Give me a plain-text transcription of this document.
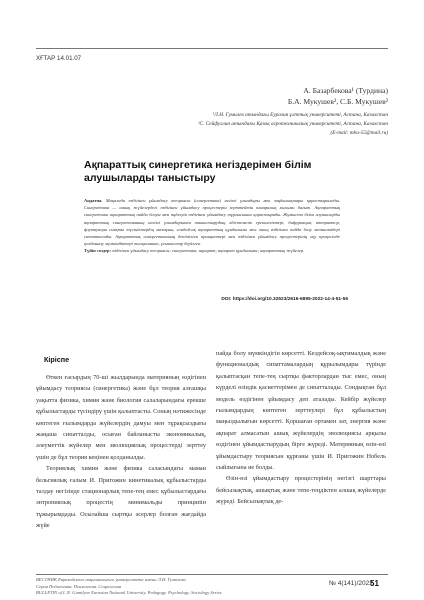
ХҒТАР 14.01.07
А. Базарбекова¹ (Турдина)
Б.А. Мукушев², С.Б. Мукушев²
¹Л.Н. Гумилев атындағы Еуразия ұлттық университеті, Астана, Казахстан
²С. Сейфуллин атындағы Қазақ агротехникалық университеті, Астана, Казахстан
(E-mail: mba-55@mail.ru)
Ақпараттық синергетика негіздерімен білім алушыларды таныстыру
Аңдатпа. Мақалада өздігінен ұйымдасу теориясы (синергетика) негізгі ұғымдары мен заңдылықтары қарастырылады. Синергетика — ашық жүйелердегі өздігінен ұйымдасу процестерін зерттейтін пәнаралық ғылыми бағыт. Ақпараттық синергетика ақпараттың пайда болуы мен өңделуін өздігінен ұйымдасу тұрғысынан қарастырады. Жұмыста білім алушыларды ақпараттық синергетиканың негізгі ұғымдарымен таныстырудың әдістемелік ерекшеліктері, бифуркация, аттрактор, флуктуация сияқты түсініктердің мазмұны, сондай-ақ ақпараттың құндылығы мен оның өздігінен пайда болу механизмдері сипатталады. Ақпараттық синергетиканың бекітілген принциптері мен өздігінен ұйымдасу процестерінің оқу процесінде қолданылу мүмкіндіктері талқыланып, ұсыныстар берілген.
Түйін сөздер: өздігінен ұйымдасу теориясы; синергетика; ақпарат; ақпарат құндылығы; ақпараттық жүйелер.
DOI: https://doi.org/10.32523/2616-6895-2022-14-4-51-56
Кіріспе

Өткен ғасырдың 70-ші жылдарында материяның өздігінен ұйымдасу теориясы (синергетика) және бұл теория алғашқы уақытта физика, химия және биология салаларындағы ерекше құбылыстарды түсіндіру үшін қалыптасты. Соның нәтижесінде көптеген ғылымдарда жүйелердің дамуы мен тұрақсыздығы жаңаша сипатталды, осыған байланысты экономикалық, әлеуметтік жүйелер мен эволюциялық процестерді зерттеу үшін де бұл теория кеңінен қолданылды.

Теориялық химия және физика саласындағы маман бельгиялық ғалым И. Пригожин кинетикалық құбылыстарды талдау негізінде стационарлық тепе-тең емес құбылыстардағы энтропиялық процестің минимальды принципін тұжырымдады. Осылайша сыртқы әсерлер болған жағдайда жүйе

пайда болу мүмкіндігін көрсетті. Кездейсоқ-ықтималдық және функционалдық сипаттамалардың құрылымдары түрінде қалыптасқан тепе-тең сыртқы факторлардан тыс емес, оның күрделі өзіндік қасиеттерімен де сипатталады. Сондықтан бұл модель өздігінен ұйымдасу деп аталады. Кейбір жүйелер ғылымдардың көптеген зерттеулері бұл құбылыстың маңыздылығын көрсетті. Қоршаған ортамен зат, энергия және ақпарат алмасатын ашық жүйелердің эволюциясы арқылы өздігінен ұйымдастырудың бірге жүреді. Материяның өзін-өзі ұйымдастыру теориясын құрғаны үшін И. Пригожин Нобель сыйлығына ие болды.

Өзін-өзі ұйымдастыру процестерінің негізгі шарттары бейсызықтық, ашықтық және тепе-теңдіктен алшақ жүйелерде жүреді. Бейсызықтық де-

ВЕСТНИК Евразийского национального университета имени Л.Н. Гумилева.
Серия Педагогика. Психология. Социология
BULLETIN of L.N. Gumilyov Eurasian National University. Pedagogy. Psychology. Sociology Series
№ 4(141)/2022
51
